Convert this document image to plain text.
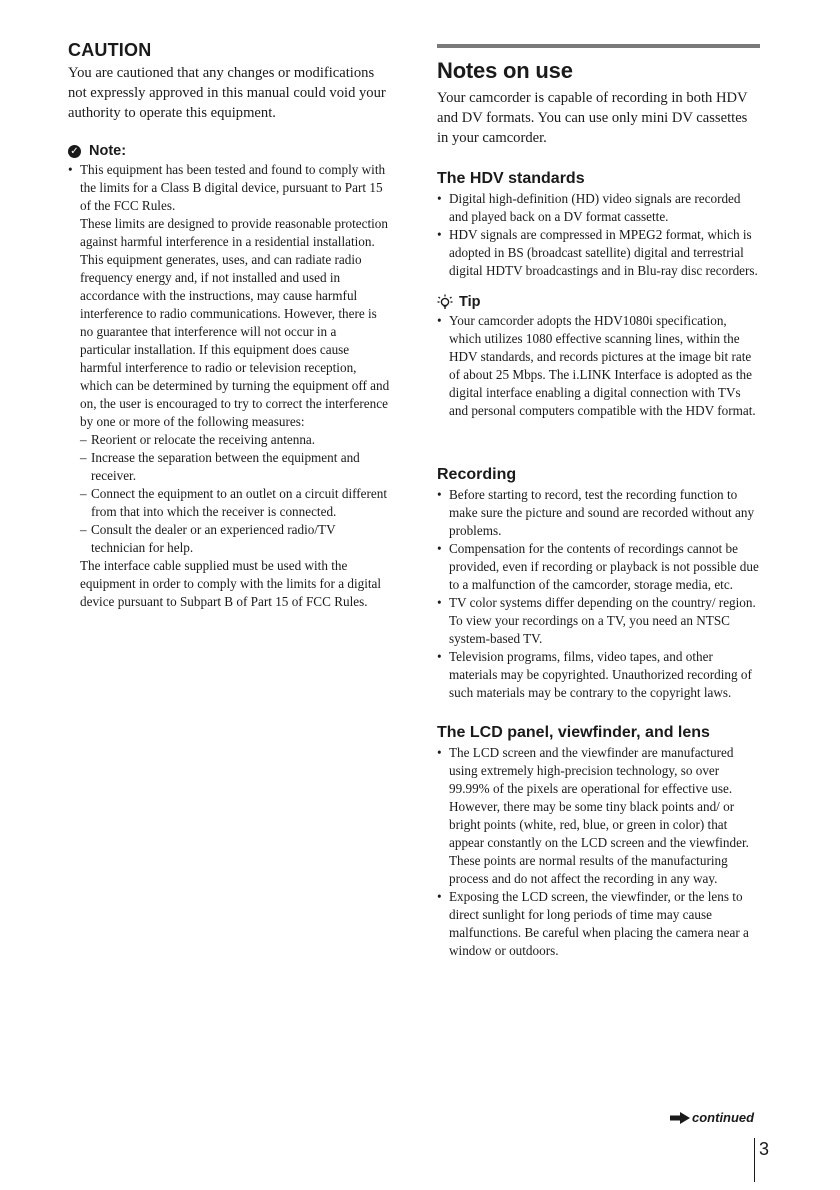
CAUTION

You are cautioned that any changes or modifications not expressly approved in this manual could void your authority to operate this equipment.

✓ Note:
• This equipment has been tested and found to comply with the limits for a Class B digital device, pursuant to Part 15 of the FCC Rules.
These limits are designed to provide reasonable protection against harmful interference in a residential installation. This equipment generates, uses, and can radiate radio frequency energy and, if not installed and used in accordance with the instructions, may cause harmful interference to radio communications. However, there is no guarantee that interference will not occur in a particular installation. If this equipment does cause harmful interference to radio or television reception, which can be determined by turning the equipment off and on, the user is encouraged to try to correct the interference by one or more of the following measures:
– Reorient or relocate the receiving antenna.
– Increase the separation between the equipment and receiver.
– Connect the equipment to an outlet on a circuit different from that into which the receiver is connected.
– Consult the dealer or an experienced radio/TV technician for help.
The interface cable supplied must be used with the equipment in order to comply with the limits for a digital device pursuant to Subpart B of Part 15 of FCC Rules.
Notes on use

Your camcorder is capable of recording in both HDV and DV formats. You can use only mini DV cassettes in your camcorder.

The HDV standards
• Digital high-definition (HD) video signals are recorded and played back on a DV format cassette.
• HDV signals are compressed in MPEG2 format, which is adopted in BS (broadcast satellite) digital and terrestrial digital HDTV broadcastings and in Blu-ray disc recorders.
Tip
• Your camcorder adopts the HDV1080i specification, which utilizes 1080 effective scanning lines, within the HDV standards, and records pictures at the image bit rate of about 25 Mbps. The i.LINK Interface is adopted as the digital interface enabling a digital connection with TVs and personal computers compatible with the HDV format.
Recording
• Before starting to record, test the recording function to make sure the picture and sound are recorded without any problems.
• Compensation for the contents of recordings cannot be provided, even if recording or playback is not possible due to a malfunction of the camcorder, storage media, etc.
• TV color systems differ depending on the country/ region. To view your recordings on a TV, you need an NTSC system-based TV.
• Television programs, films, video tapes, and other materials may be copyrighted. Unauthorized recording of such materials may be contrary to the copyright laws.
The LCD panel, viewfinder, and lens
• The LCD screen and the viewfinder are manufactured using extremely high-precision technology, so over 99.99% of the pixels are operational for effective use.
However, there may be some tiny black points and/ or bright points (white, red, blue, or green in color) that appear constantly on the LCD screen and the viewfinder.
These points are normal results of the manufacturing process and do not affect the recording in any way.
• Exposing the LCD screen, the viewfinder, or the lens to direct sunlight for long periods of time may cause malfunctions. Be careful when placing the camera near a window or outdoors.
continued
3
